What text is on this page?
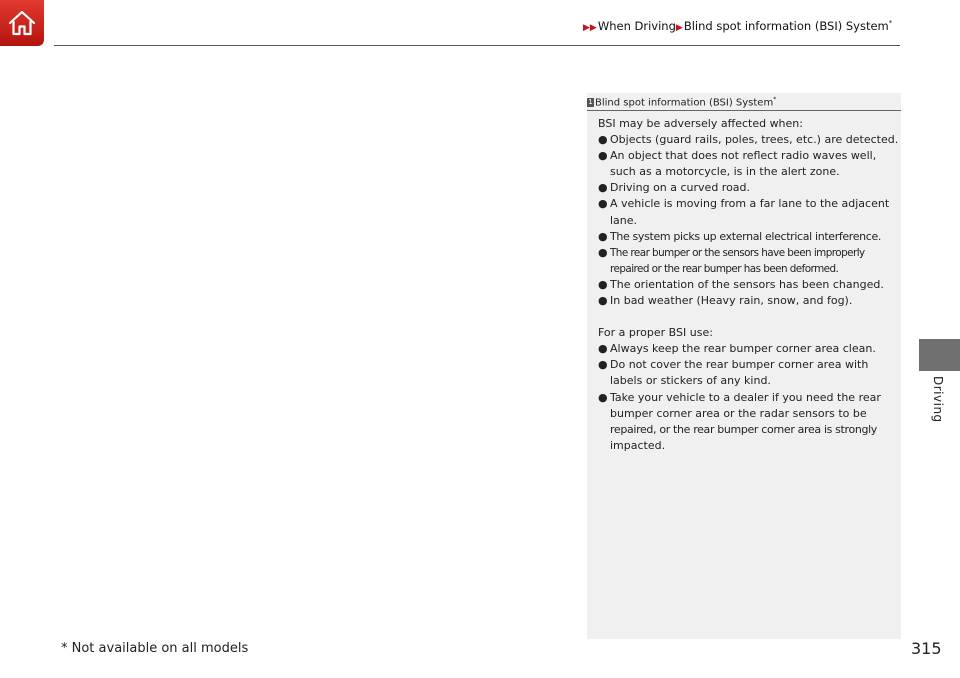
▶▶When Driving▶Blind spot information (BSI) System*
1 Blind spot information (BSI) System*

BSI may be adversely affected when:

● Objects (guard rails, poles, trees, etc.) are detected.

● An object that does not reflect radio waves well,

such as a motorcycle, is in the alert zone.

● Driving on a curved road.

● A vehicle is moving from a far lane to the adjacent

lane.

● The system picks up external electrical interference.

● The rear bumper or the sensors have been improperly

repaired or the rear bumper has been deformed.

● The orientation of the sensors has been changed.

● In bad weather (Heavy rain, snow, and fog).

For a proper BSI use:

● Always keep the rear bumper corner area clean.

● Do not cover the rear bumper corner area with

labels or stickers of any kind.

● Take your vehicle to a dealer if you need the rear

bumper corner area or the radar sensors to be

repaired, or the rear bumper corner area is strongly

impacted.

Driving
* Not available on all models	315
